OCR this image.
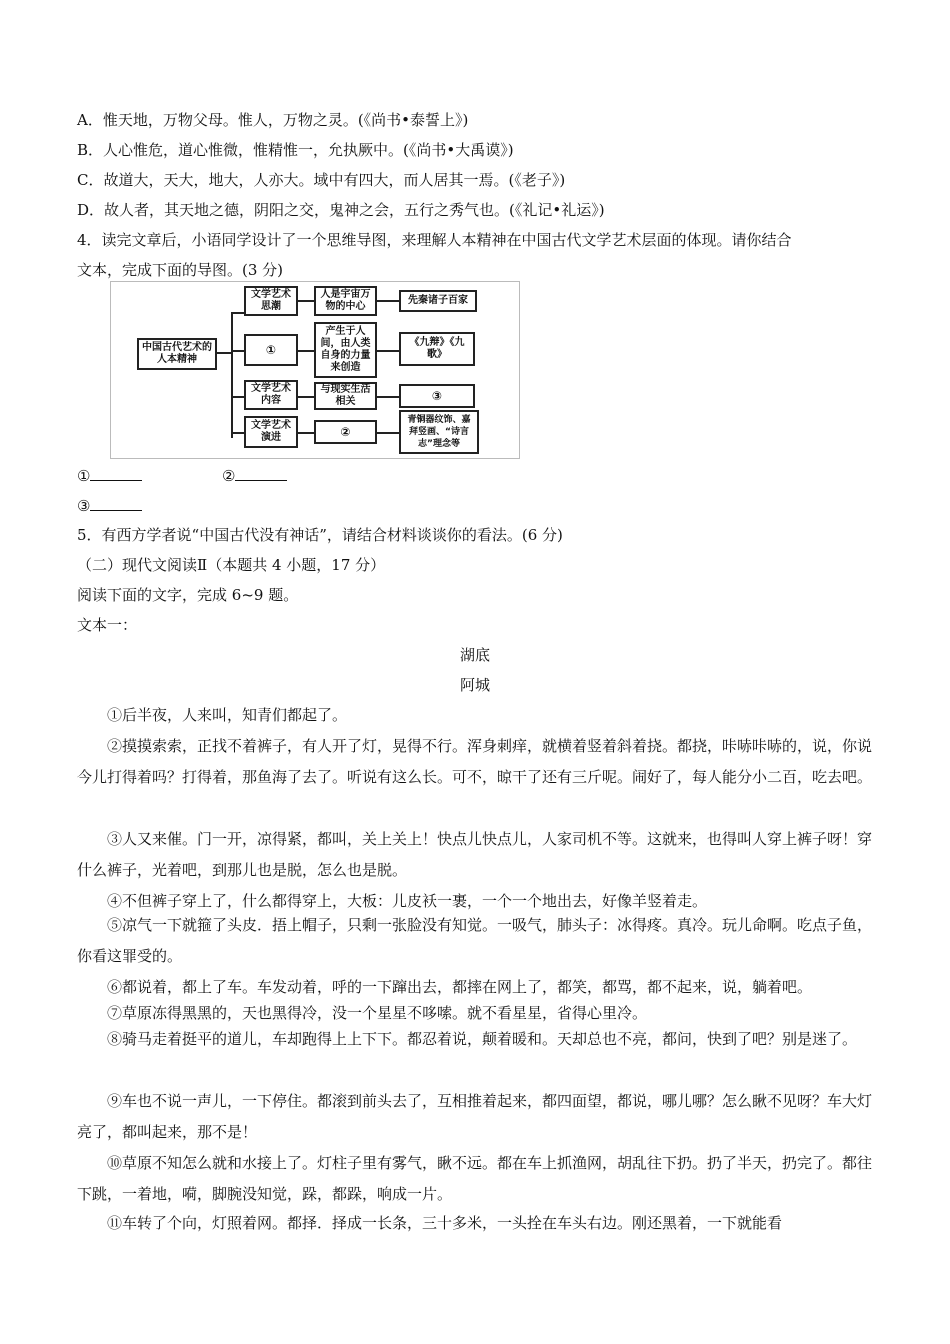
A．惟天地，万物父母。惟人，万物之灵。(《尚书•泰誓上》)
B．人心惟危，道心惟微，惟精惟一，允执厥中。(《尚书•大禹谟》)
C．故道大，天大，地大，人亦大。域中有四大，而人居其一焉。(《老子》)
D．故人者，其天地之德，阴阳之交，鬼神之会，五行之秀气也。(《礼记•礼运》)
4．读完文章后，小语同学设计了一个思维导图，来理解人本精神在中国古代文学艺术层面的体现。请你结合
文本，完成下面的导图。(3 分)
中国古代艺术的人本精神
文学艺术思潮
人是宇宙万物的中心
先秦诸子百家
①
产生于人间，由人类自身的力量来创造
《九辩》《九歌》
文学艺术内容
与现实生活相关	③
文学艺术演进	②
青铜器纹饰、嘉拜竖画、“诗言志”理念等
①	②
③
5．有西方学者说“中国古代没有神话”，请结合材料谈谈你的看法。(6 分)
（二）现代文阅读Ⅱ（本题共 4 小题，17 分）
阅读下面的文字，完成 6~9 题。
文本一：
湖底
阿城
①后半夜，人来叫，知青们都起了。
②摸摸索索，正找不着裤子，有人开了灯，晃得不行。浑身刺痒，就横着竖着斜着挠。都挠，咔哧咔哧的，说，你说今儿打得着吗？打得着，那鱼海了去了。听说有这么长。可不，晾干了还有三斤呢。闹好了，每人能分小二百，吃去吧。
③人又来催。门一开，凉得紧，都叫，关上关上！快点儿快点儿，人家司机不等。这就来，也得叫人穿上裤子呀！穿什么裤子，光着吧，到那儿也是脱，怎么也是脱。
④不但裤子穿上了，什么都得穿上，大板：儿皮袄一裹，一个一个地出去，好像羊竖着走。
⑤凉气一下就箍了头皮．捂上帽子，只剩一张脸没有知觉。一吸气，肺头子：冰得疼。真冷。玩儿命啊。吃点子鱼，你看这罪受的。
⑥都说着，都上了车。车发动着，呼的一下蹿出去，都摔在网上了，都笑，都骂，都不起来，说，躺着吧。
⑦草原冻得黑黑的，天也黑得冷，没一个星星不哆嗦。就不看星星，省得心里冷。
⑧骑马走着挺平的道儿，车却跑得上上下下。都忍着说，颠着暖和。天却总也不亮，都问，快到了吧？别是迷了。
⑨车也不说一声儿，一下停住。都滚到前头去了，互相推着起来，都四面望，都说，哪儿哪？怎么瞅不见呀？车大灯亮了，都叫起来，那不是！
⑩草原不知怎么就和水接上了。灯柱子里有雾气，瞅不远。都在车上抓渔网，胡乱往下扔。扔了半天，扔完了。都往下跳，一着地，嗬，脚腕没知觉，跺，都跺，响成一片。
⑪车转了个向，灯照着网。都择．择成一长条，三十多米，一头拴在车头右边。刚还黑着，一下就能看
